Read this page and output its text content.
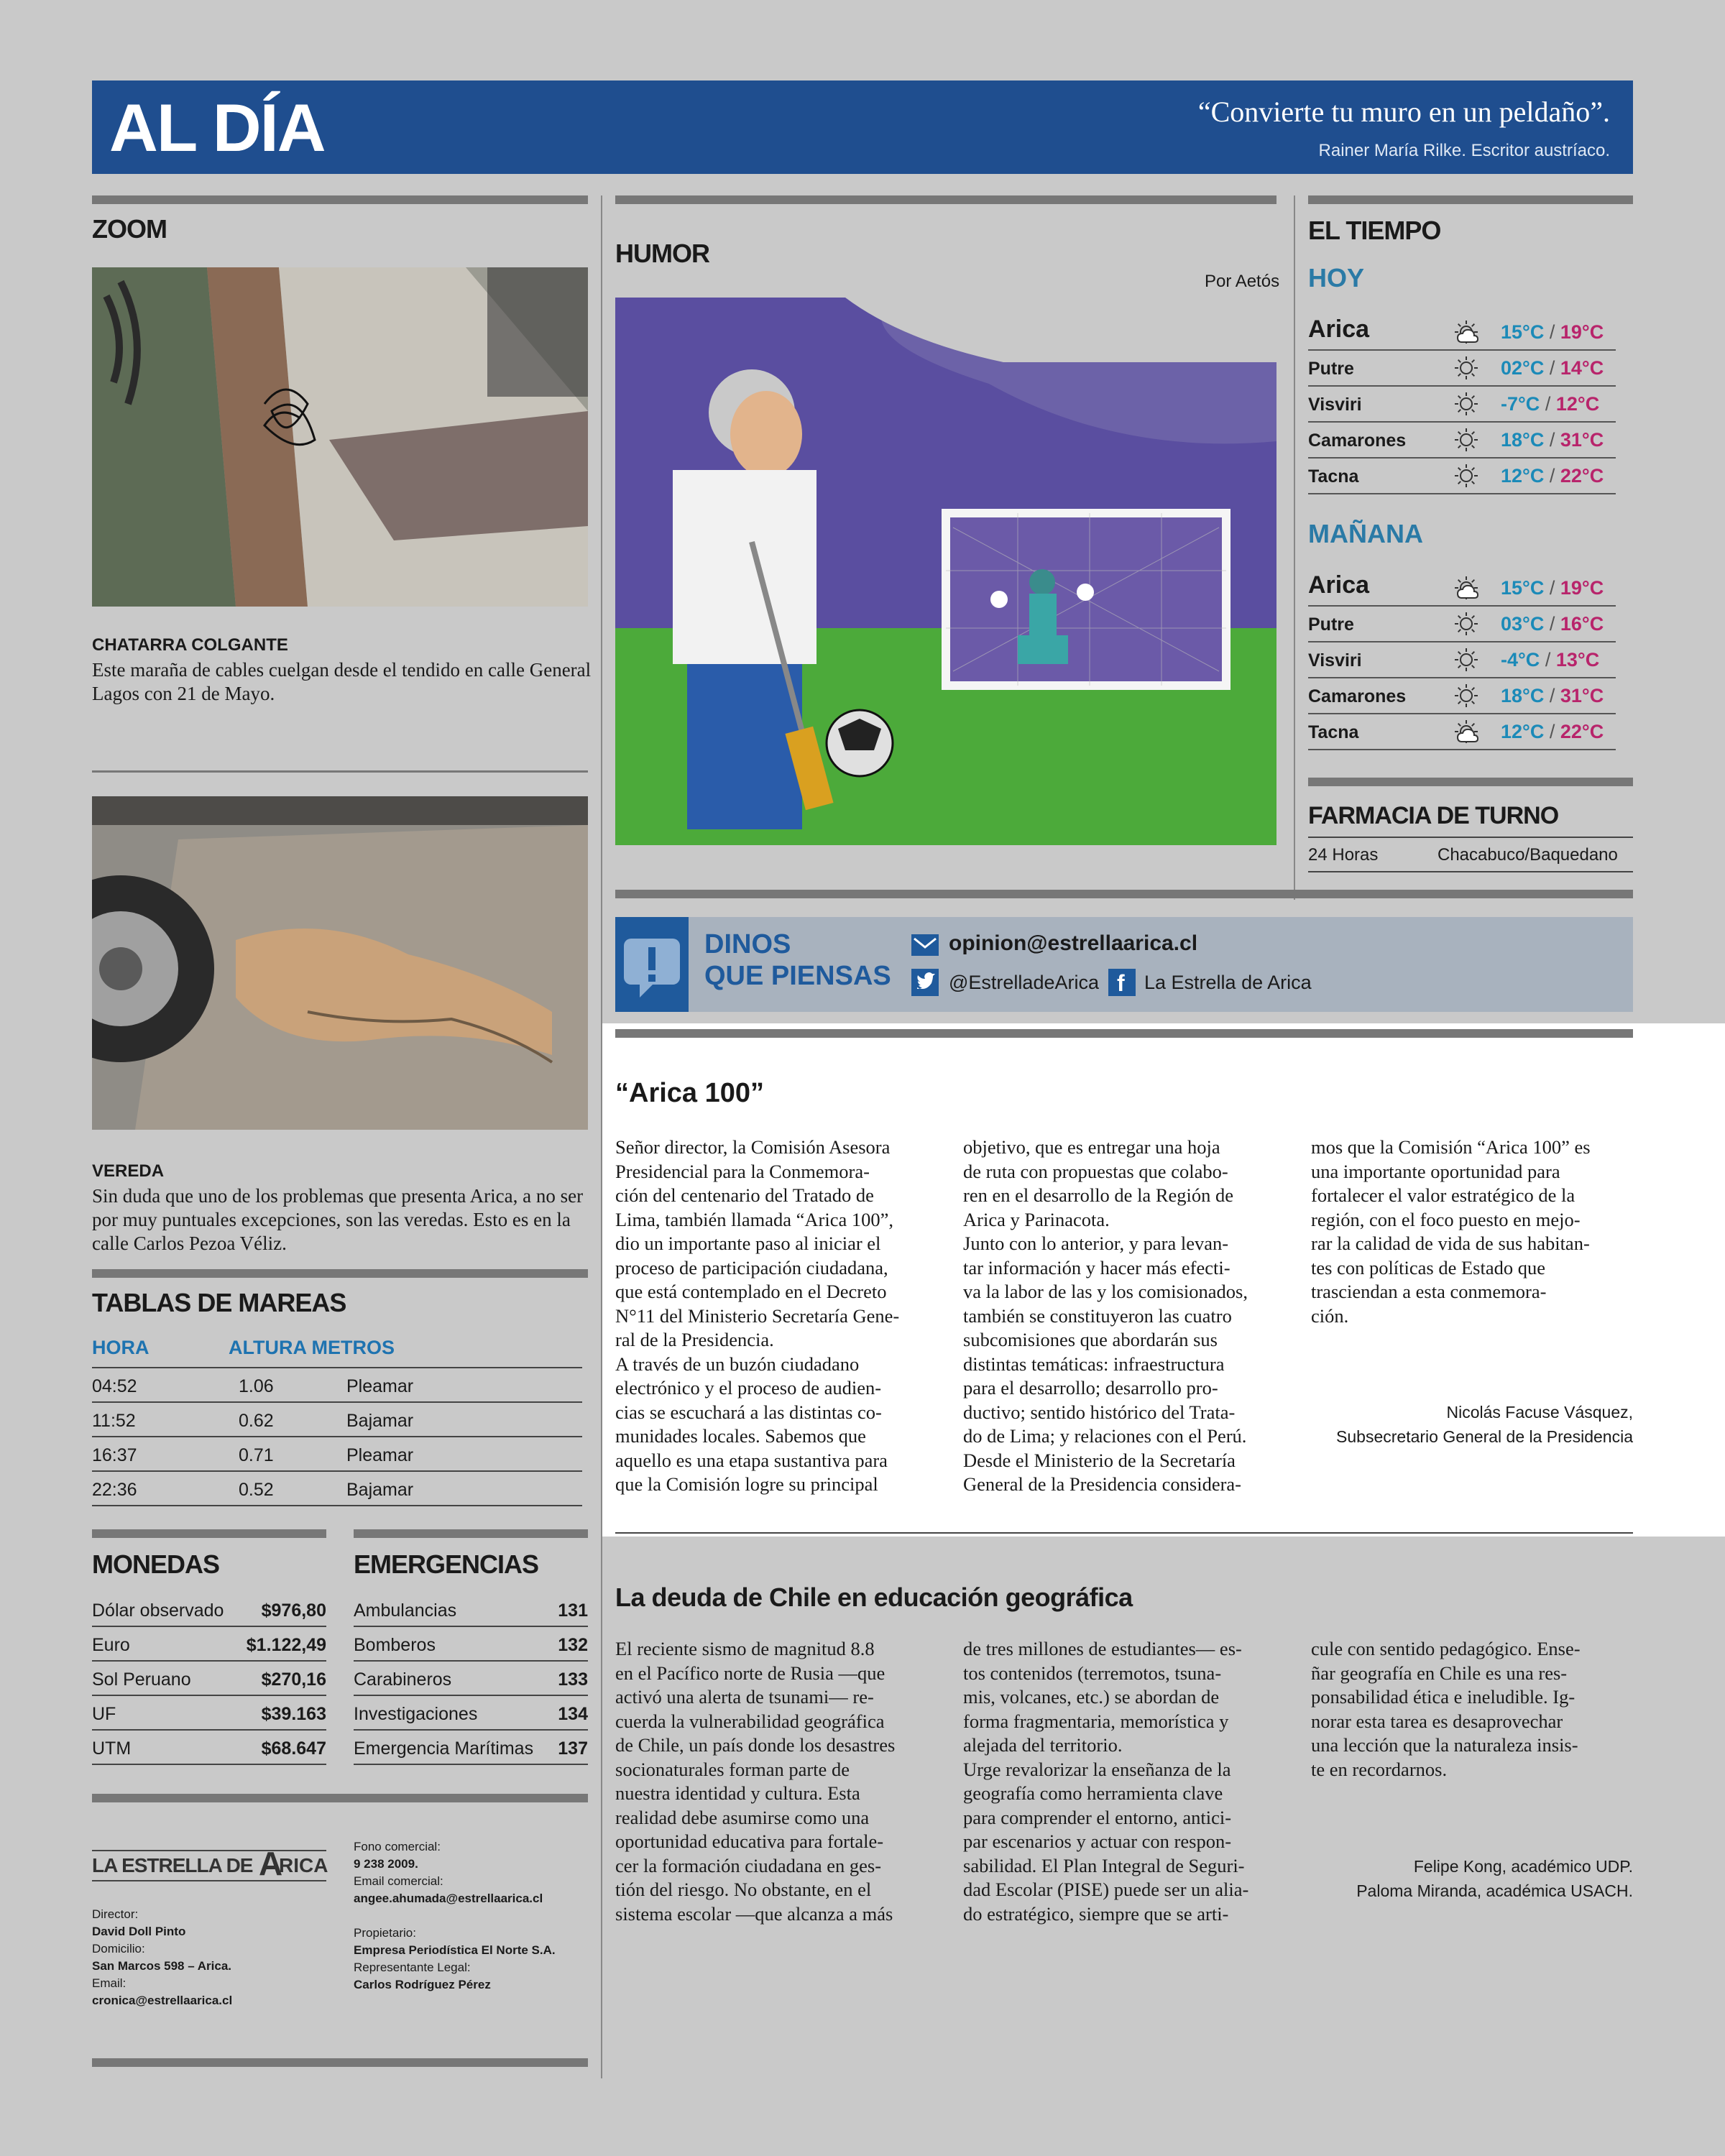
AL DÍA	“Convierte tu muro en un peldaño”.
Rainer María Rilke. Escritor austríaco.
ZOOM
CHATARRA COLGANTE
Este maraña de cables cuelgan desde el tendido en calle General Lagos con 21 de Mayo.
VEREDA
Sin duda que uno de los problemas que presenta Arica, a no ser por muy puntuales excepciones, son las veredas. Esto es en la calle Carlos Pezoa Véliz.
TABLAS DE MAREAS
HORA	ALTURA METROS
04:52	1.06	Pleamar
11:52	0.62	Bajamar
16:37	0.71	Pleamar
22:36	0.52	Bajamar
MONEDAS
Dólar observado $976,80
Euro	$1.122,49
Sol Peruano	$270,16
UF	$39.163
UTM	$68.647
EMERGENCIAS
Ambulancias	131
Bomberos	132
Carabineros	133
Investigaciones	134
Emergencia Marítimas 137
LA ESTRELLA DE A
RICA
Director:
David Doll Pinto
Domicilio:
San Marcos 598 – Arica.
Email:
cronica@estrellaarica.cl
Fono comercial:
9 238 2009.
Email comercial:
angee.ahumada@estrellaarica.cl
Propietario:
Empresa Periodística El Norte S.A.
Representante Legal:
Carlos Rodríguez Pérez
HUMOR
Por Aetós
EL TIEMPO
HOY
Arica	15°C / 19°C
Putre	02°C / 14°C
Visviri	-7°C / 12°C
Camarones	18°C / 31°C
Tacna	12°C / 22°C
MAÑANA
Arica	15°C / 19°C
Putre	03°C / 16°C
Visviri	-4°C / 13°C
Camarones	18°C / 31°C
Tacna	12°C / 22°C
FARMACIA DE TURNO
24 Horas	Chacabuco/Baquedano
DINOS
QUE PIENSAS
opinion@estrellaarica.cl
@EstrelladeArica f La Estrella de Arica
“Arica 100”
Señor director, la Comisión Asesora
Presidencial para la Conmemora-
ción del centenario del Tratado de
Lima, también llamada “Arica 100”,
dio un importante paso al iniciar el
proceso de participación ciudadana,
que está contemplado en el Decreto
N°11 del Ministerio Secretaría Gene-
ral de la Presidencia.
A través de un buzón ciudadano
electrónico y el proceso de audien-
cias se escuchará a las distintas co-
munidades locales. Sabemos que
aquello es una etapa sustantiva para
que la Comisión logre su principal
objetivo, que es entregar una hoja
de ruta con propuestas que colabo-
ren en el desarrollo de la Región de
Arica y Parinacota.
Junto con lo anterior, y para levan-
tar información y hacer más efecti-
va la labor de las y los comisionados,
también se constituyeron las cuatro
subcomisiones que abordarán sus
distintas temáticas: infraestructura
para el desarrollo; desarrollo pro-
ductivo; sentido histórico del Trata-
do de Lima; y relaciones con el Perú.
Desde el Ministerio de la Secretaría
General de la Presidencia considera-
mos que la Comisión “Arica 100” es
una importante oportunidad para
fortalecer el valor estratégico de la
región, con el foco puesto en mejo-
rar la calidad de vida de sus habitan-
tes con políticas de Estado que
trasciendan a esta conmemora-
ción.
Nicolás Facuse Vásquez,
Subsecretario General de la Presidencia
La deuda de Chile en educación geográfica
El reciente sismo de magnitud 8.8
en el Pacífico norte de Rusia —que
activó una alerta de tsunami— re-
cuerda la vulnerabilidad geográfica
de Chile, un país donde los desastres
socionaturales forman parte de
nuestra identidad y cultura. Esta
realidad debe asumirse como una
oportunidad educativa para fortale-
cer la formación ciudadana en ges-
tión del riesgo. No obstante, en el
sistema escolar —que alcanza a más
de tres millones de estudiantes— es-
tos contenidos (terremotos, tsuna-
mis, volcanes, etc.) se abordan de
forma fragmentaria, memorística y
alejada del territorio.
Urge revalorizar la enseñanza de la
geografía como herramienta clave
para comprender el entorno, antici-
par escenarios y actuar con respon-
sabilidad. El Plan Integral de Seguri-
dad Escolar (PISE) puede ser un alia-
do estratégico, siempre que se arti-
cule con sentido pedagógico. Ense-
ñar geografía en Chile es una res-
ponsabilidad ética e ineludible. Ig-
norar esta tarea es desaprovechar
una lección que la naturaleza insis-
te en recordarnos.
Felipe Kong, académico UDP.
Paloma Miranda, académica USACH.
